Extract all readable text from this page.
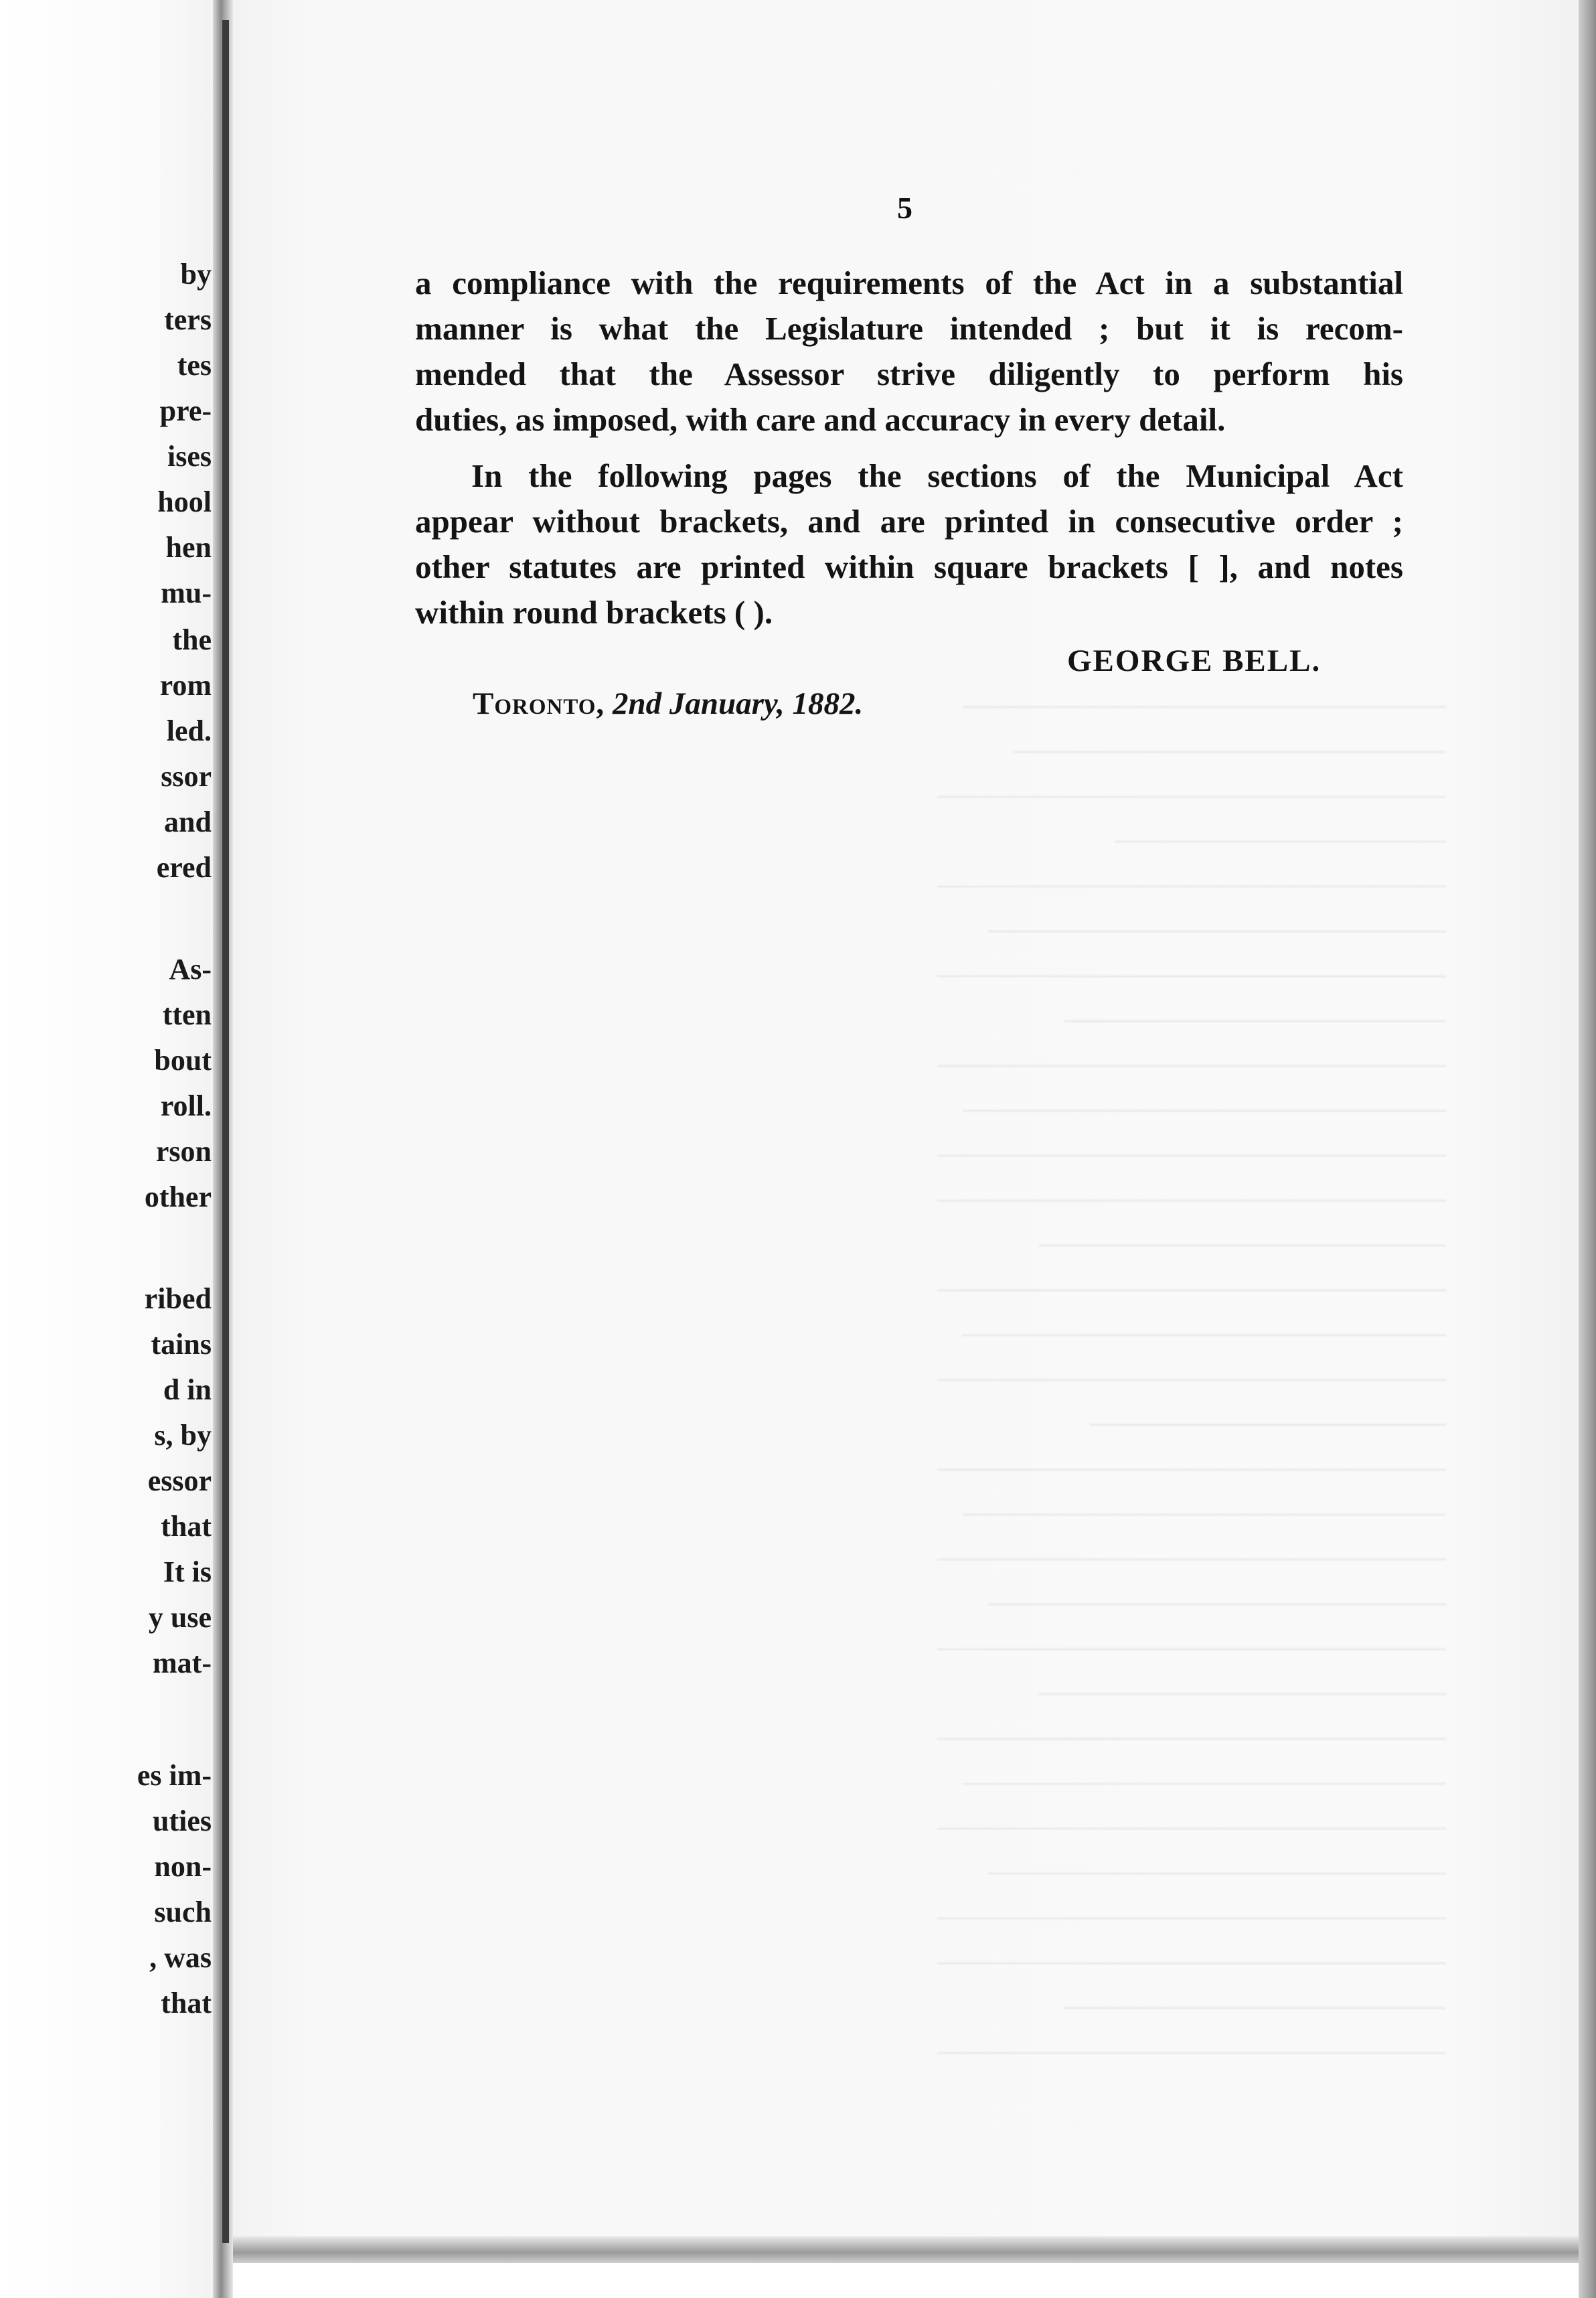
by
ters
tes
pre-
ises
hool
hen
mu-
the
rom
led.
ssor
and
ered
As-
tten
bout
roll.
rson
other
ribed
tains
d in
s, by
essor
that
It is
y use
mat-
es im-
uties
non-
such
, was
that
———————————————————
—————————————————
————————————————————
—————————————
————————————————————
——————————————————
————————————————————
———————————————
————————————————————
———————————————————
————————————————————
————————————————————
————————————————
————————————————————
———————————————————
————————————————————
——————————————
————————————————————
———————————————————
————————————————————
——————————————————
————————————————————
————————————————
————————————————————
———————————————————
————————————————————
——————————————————
————————————————————
————————————————————
———————————————
————————————————————
5
a compliance with the requirements of the Act in a substantial
manner is what the Legislature intended ; but it is recom-
mended that the Assessor strive diligently to perform his
duties, as imposed, with care and accuracy in every detail.
In the following pages the sections of the Municipal Act
appear without brackets, and are printed in consecutive order ;
other statutes are printed within square brackets [ ], and notes
within round brackets ( ).
GEORGE BELL.
Toronto, 2nd January, 1882.
